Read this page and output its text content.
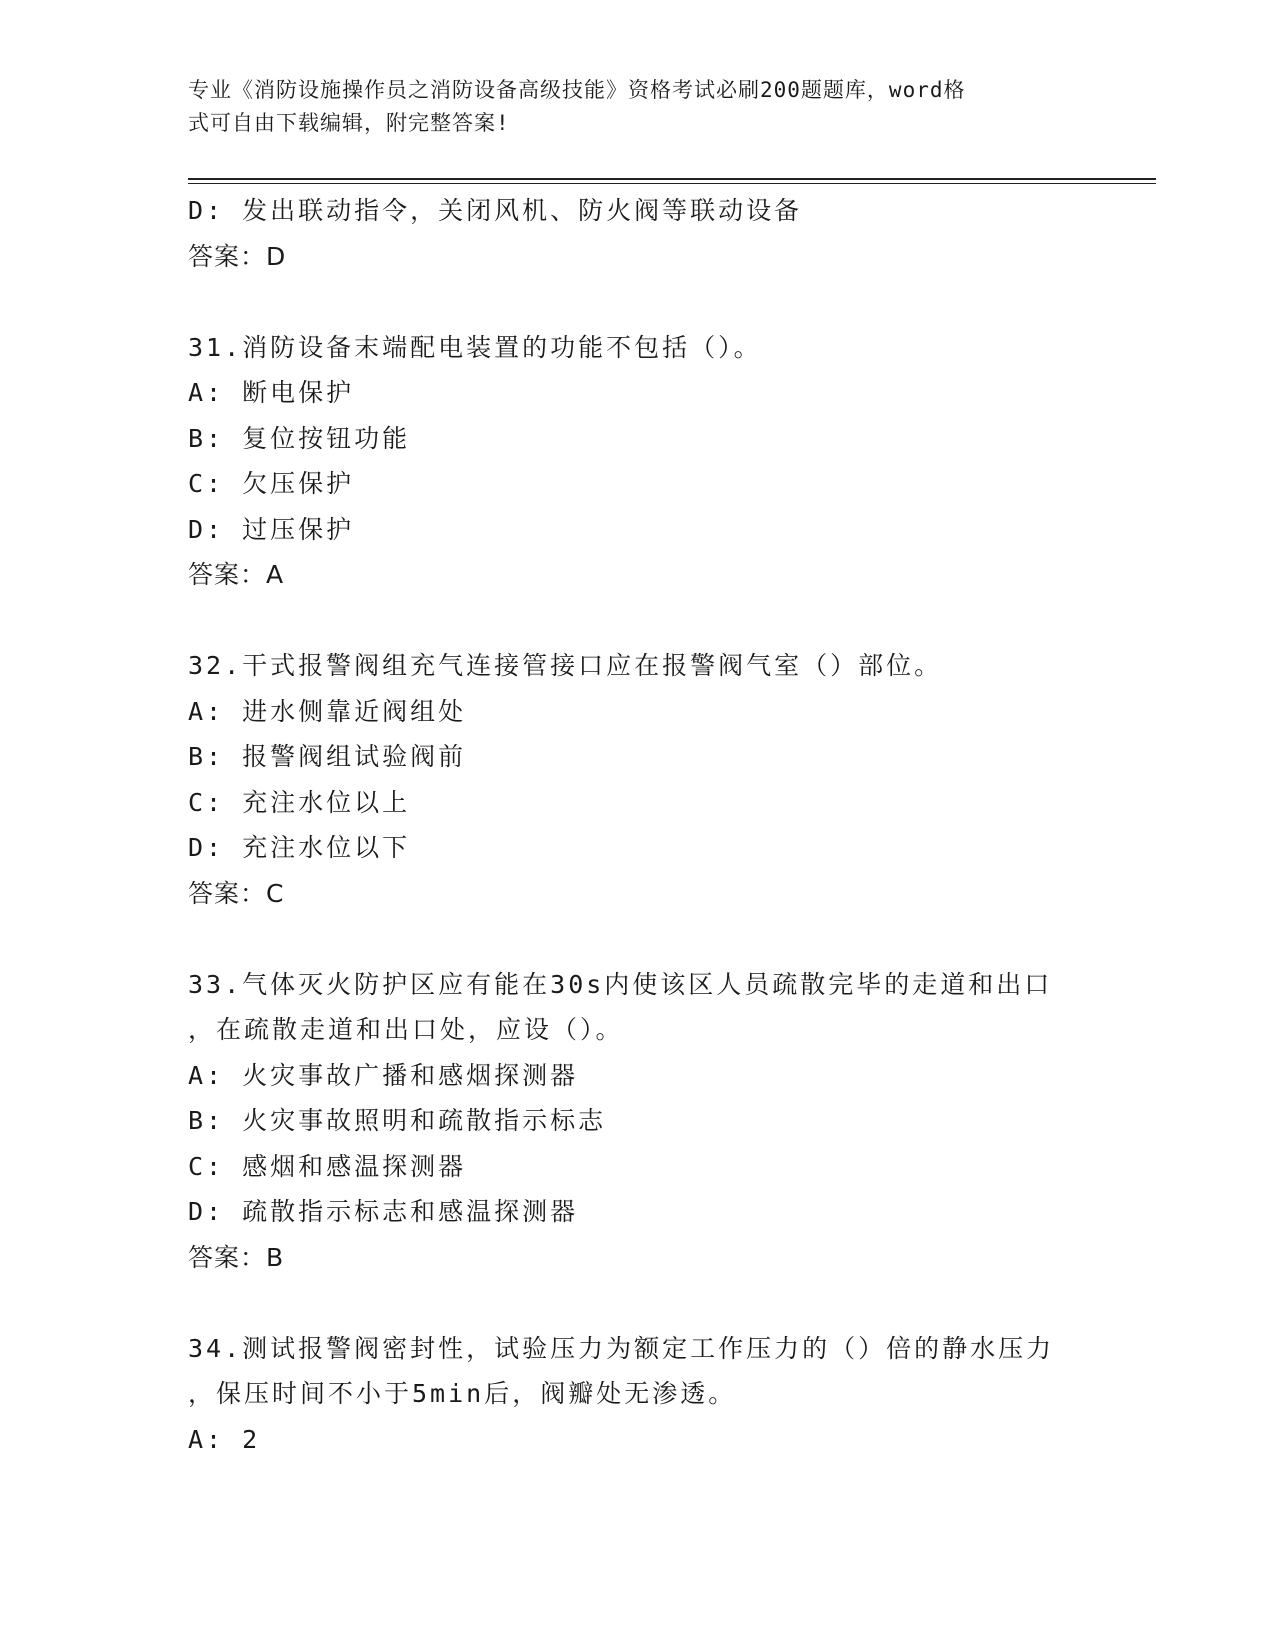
专业《消防设施操作员之消防设备高级技能》资格考试必刷200题题库，word格
式可自由下载编辑，附完整答案!
D: 发出联动指令，关闭风机、防火阀等联动设备
答案：D
31.消防设备末端配电装置的功能不包括（）。
A: 断电保护
B: 复位按钮功能
C: 欠压保护
D: 过压保护
答案：A
32.干式报警阀组充气连接管接口应在报警阀气室（）部位。
A: 进水侧靠近阀组处
B: 报警阀组试验阀前
C: 充注水位以上
D: 充注水位以下
答案：C
33.气体灭火防护区应有能在30s内使该区人员疏散完毕的走道和出口
，在疏散走道和出口处，应设（）。
A: 火灾事故广播和感烟探测器
B: 火灾事故照明和疏散指示标志
C: 感烟和感温探测器
D: 疏散指示标志和感温探测器
答案：B
34.测试报警阀密封性，试验压力为额定工作压力的（）倍的静水压力
，保压时间不小于5min后，阀瓣处无渗透。
A: 2
